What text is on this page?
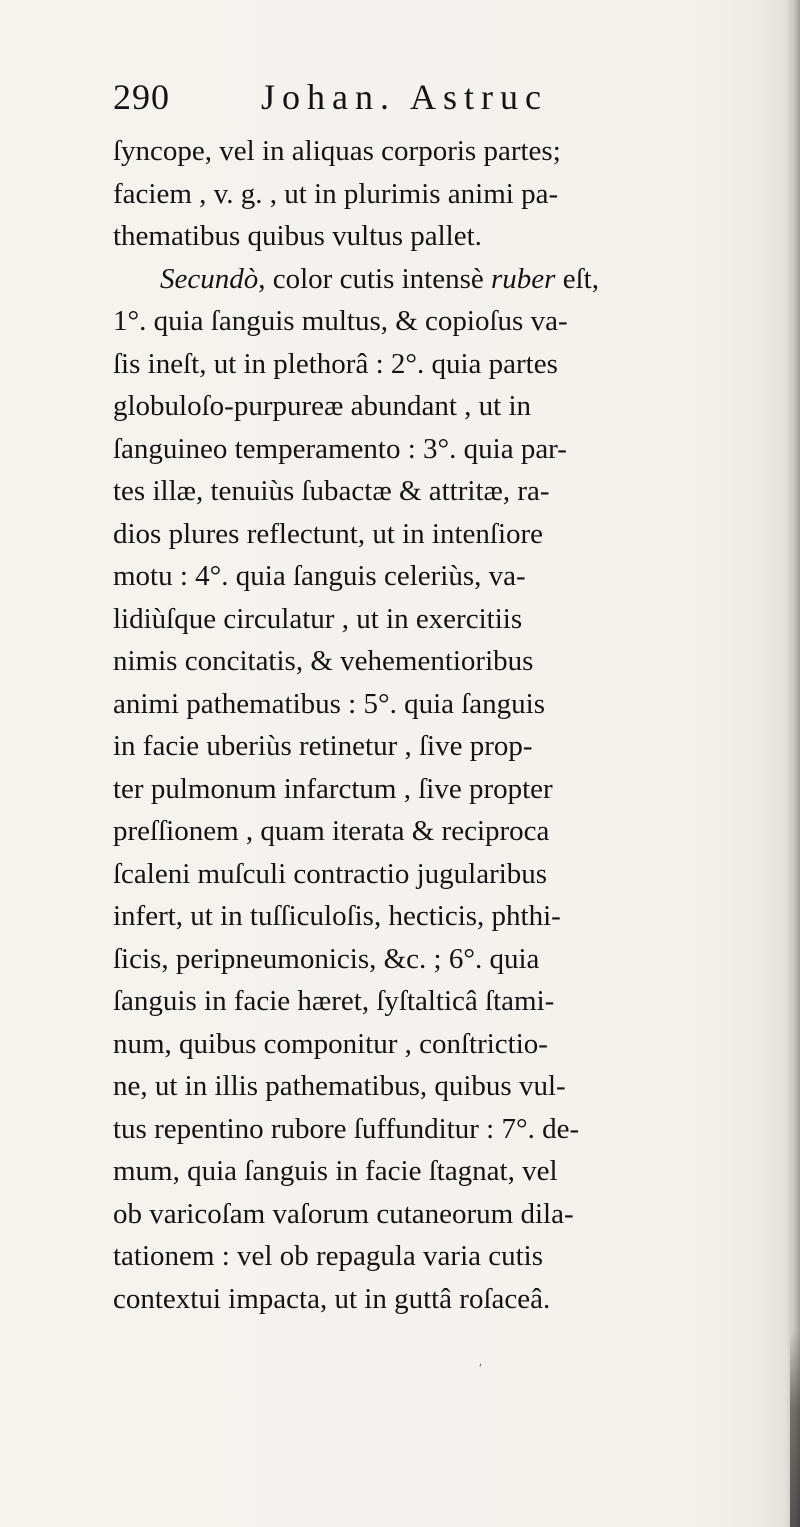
290	Johan. Astruc
ſyncope, vel in aliquas corporis partes;
faciem , v. g. , ut in plurimis animi pa-
thematibus quibus vultus pallet.
Secundò, color cutis intensè ruber eſt,
1°. quia ſanguis multus, & copioſus va-
ſis ineſt, ut in plethorâ : 2°. quia partes
globuloſo-purpureæ abundant , ut in
ſanguineo temperamento : 3°. quia par-
tes illæ, tenuiùs ſubactæ & attritæ, ra-
dios plures reflectunt, ut in intenſiore
motu : 4°. quia ſanguis celeriùs, va-
lidiùſque circulatur , ut in exercitiis
nimis concitatis, & vehementioribus
animi pathematibus : 5°. quia ſanguis
in facie uberiùs retinetur , ſive prop-
ter pulmonum infarctum , ſive propter
preſſionem , quam iterata & reciproca
ſcaleni muſculi contractio jugularibus
infert, ut in tuſſiculoſis, hecticis, phthi-
ſicis, peripneumonicis, &c. ; 6°. quia
ſanguis in facie hæret, ſyſtalticâ ſtami-
num, quibus componitur , conſtrictio-
ne, ut in illis pathematibus, quibus vul-
tus repentino rubore ſuffunditur : 7°. de-
mum, quia ſanguis in facie ſtagnat, vel
ob varicoſam vaſorum cutaneorum dila-
tationem : vel ob repagula varia cutis
contextui impacta, ut in guttâ roſaceâ.
ʹ
